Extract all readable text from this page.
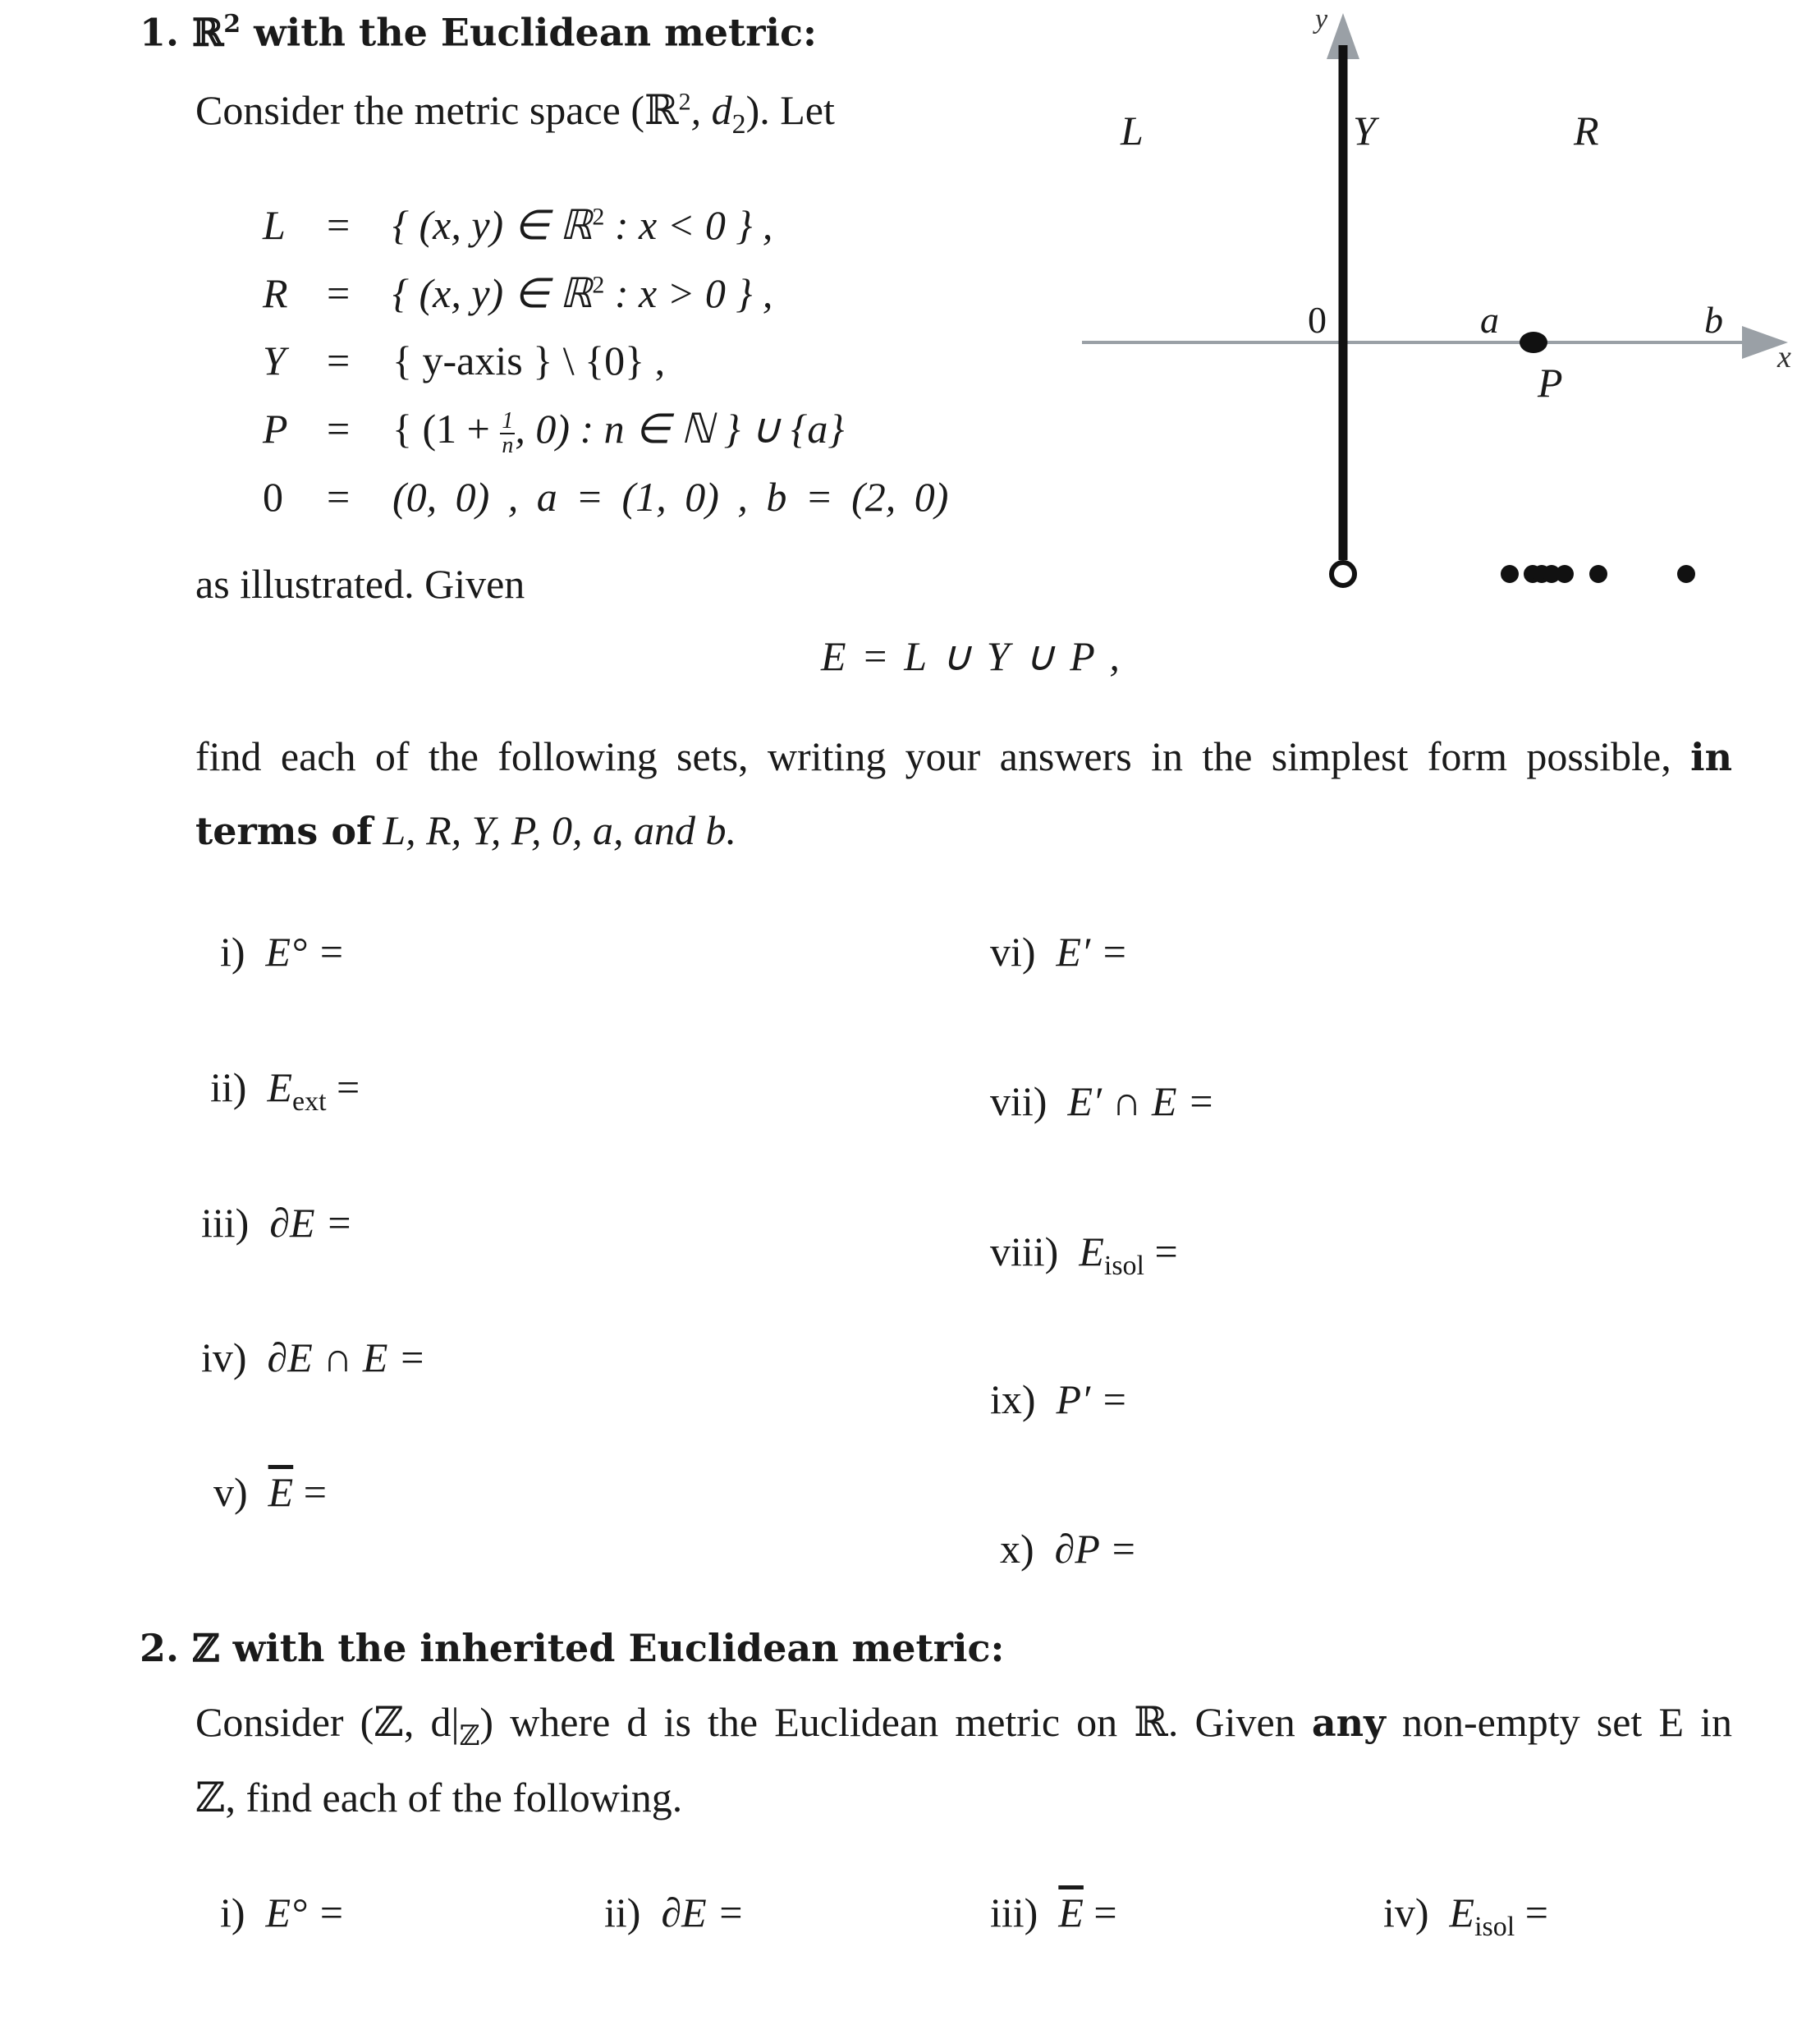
1. ℝ$^2$ with the Euclidean metric:
Consider the metric space (ℝ$^2$, $d_2$). Let
L = { (x, y) ∈ ℝ$^2$ : x < 0 } ,
R = { (x, y) ∈ ℝ$^2$ : x > 0 } ,
Y = { y-axis } \ {0} ,
P = { ($1 + \frac{1}{n}$ , 0) : n ∈ ℕ } ∪ {a}
0 = (0, 0) , a = (1, 0) , b = (2, 0)
as illustrated. Given
y
x
L	Y	R
0	a	b
P
E = L ∪ Y ∪ P ,
find each of the following sets, writing your answers in the simplest form possible, in
terms of L, R, Y, P, 0, a, and b.
i) E° =
ii) $E_{ext}$ =
iii) ∂E =
iv) ∂E ∩ E =
v) $\overline{E}$ =
vi) E′ =
vii) E′ ∩ E =
viii) $E_{isol}$ =
ix) P′ =
x) ∂P =
2. ℤ with the inherited Euclidean metric:
Consider (ℤ, $d|_ℤ$) where d is the Euclidean metric on ℝ. Given any non-empty set E in
ℤ, find each of the following.
i) E° =	ii) ∂E =	iii) $\overline{E}$ =	iv) $E_{isol}$ =
